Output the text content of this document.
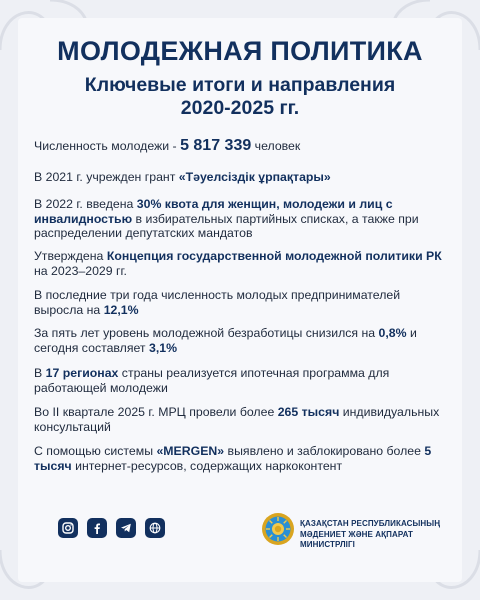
МОЛОДЕЖНАЯ ПОЛИТИКА
Ключевые итоги и направления
2020-2025 гг.
Численность молодежи - 5 817 339 человек
В 2021 г. учрежден грант «Тәуелсіздік ұрпақтары»
В 2022 г. введена 30% квота для женщин, молодежи и лиц с инвалидностью в избирательных партийных списках, а также при распределении депутатских мандатов
Утверждена Концепция государственной молодежной политики РК на 2023–2029 гг.
В последние три года численность молодых предпринимателей выросла на 12,1%
За пять лет уровень молодежной безработицы снизился на 0,8% и сегодня составляет 3,1%
В 17 регионах страны реализуется ипотечная программа для работающей молодежи
Во II квартале 2025 г. МРЦ провели более 265 тысяч индивидуальных консультаций
С помощью системы «MERGEN» выявлено и заблокировано более 5 тысяч интернет-ресурсов, содержащих наркоконтент
ҚАЗАҚСТАН РЕСПУБЛИКАСЫНЫҢ
МӘДЕНИЕТ ЖӘНЕ АҚПАРАТ МИНИСТРЛІГІ
